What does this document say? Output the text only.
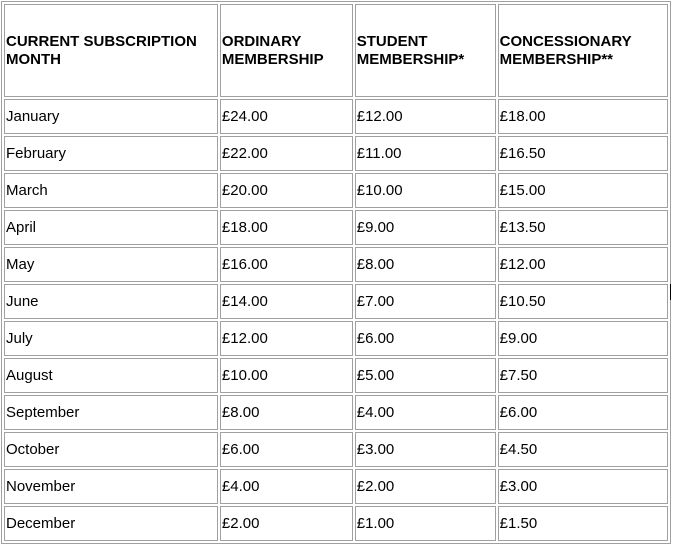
CURRENT SUBSCRIPTION MONTH	ORDINARY MEMBERSHIP	STUDENT MEMBERSHIP*	CONCESSIONARY MEMBERSHIP**
January	£24.00	£12.00	£18.00
February	£22.00	£11.00	£16.50
March	£20.00	£10.00	£15.00
April	£18.00	£9.00	£13.50
May	£16.00	£8.00	£12.00
June	£14.00	£7.00	£10.50
July	£12.00	£6.00	£9.00
August	£10.00	£5.00	£7.50
September	£8.00	£4.00	£6.00
October	£6.00	£3.00	£4.50
November	£4.00	£2.00	£3.00
December	£2.00	£1.00	£1.50
